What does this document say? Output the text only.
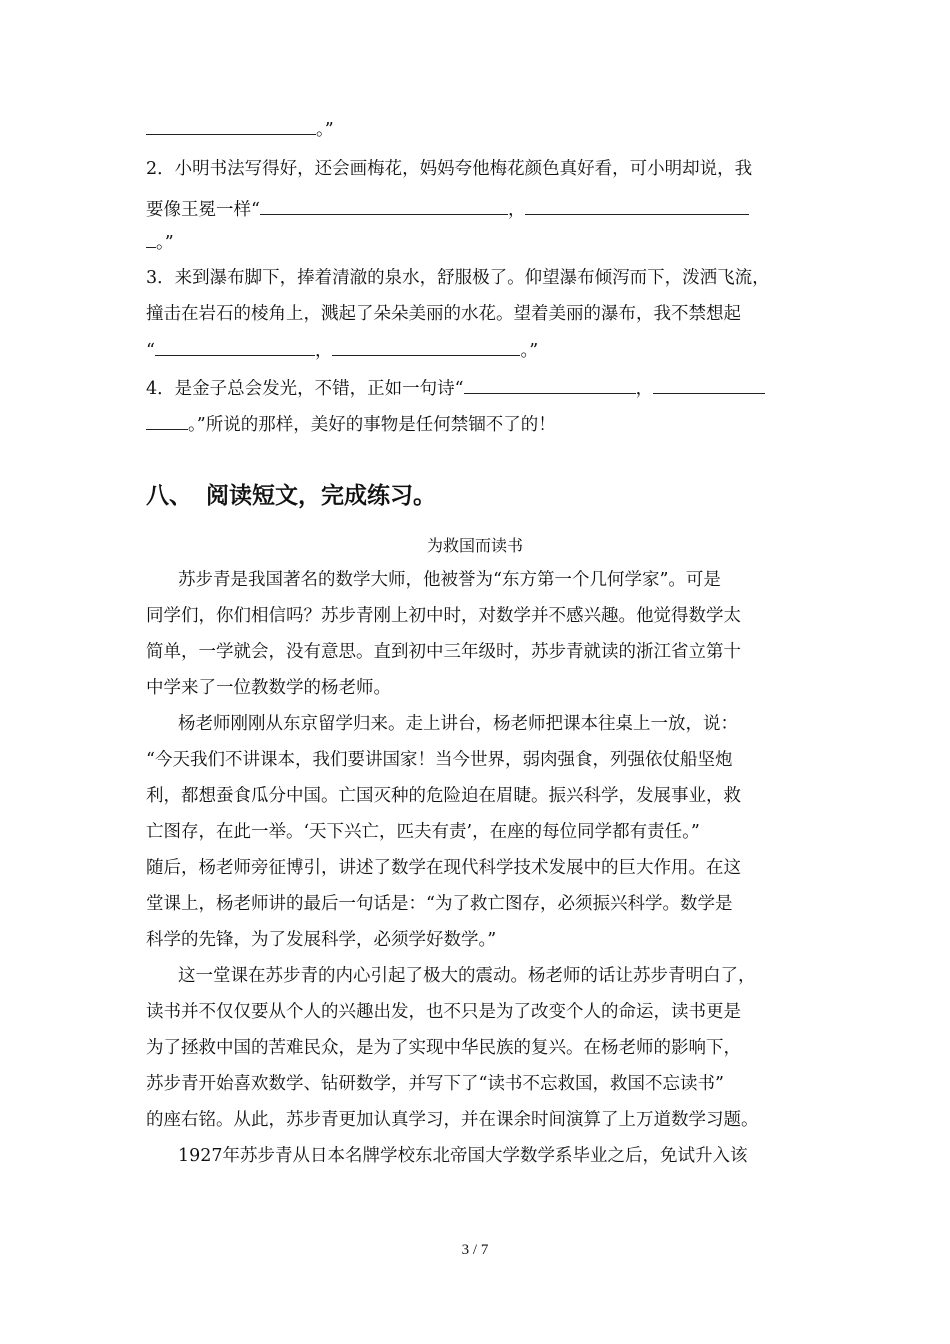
。”

2．小明书法写得好，还会画梅花，妈妈夸他梅花颜色真好看，可小明却说，我

要像王冕一样“	，

。”

3．来到瀑布脚下，捧着清澈的泉水，舒服极了。仰望瀑布倾泻而下，泼洒飞流，

撞击在岩石的棱角上，溅起了朵朵美丽的水花。望着美丽的瀑布，我不禁想起

“	，	。”

4．是金子总会发光，不错，正如一句诗“	，

。”所说的那样，美好的事物是任何禁锢不了的！

八、 阅读短文，完成练习。

为救国而读书

苏步青是我国著名的数学大师，他被誉为“东方第一个几何学家”。可是

同学们，你们相信吗？苏步青刚上初中时，对数学并不感兴趣。他觉得数学太

简单，一学就会，没有意思。直到初中三年级时，苏步青就读的浙江省立第十

中学来了一位教数学的杨老师。

杨老师刚刚从东京留学归来。走上讲台，杨老师把课本往桌上一放，说：

“今天我们不讲课本，我们要讲国家！当今世界，弱肉强食，列强依仗船坚炮

利，都想蚕食瓜分中国。亡国灭种的危险迫在眉睫。振兴科学，发展事业，救

亡图存，在此一举。‘天下兴亡，匹夫有责’，在座的每位同学都有责任。”

随后，杨老师旁征博引，讲述了数学在现代科学技术发展中的巨大作用。在这

堂课上，杨老师讲的最后一句话是：“为了救亡图存，必须振兴科学。数学是

科学的先锋，为了发展科学，必须学好数学。”

这一堂课在苏步青的内心引起了极大的震动。杨老师的话让苏步青明白了，

读书并不仅仅要从个人的兴趣出发，也不只是为了改变个人的命运，读书更是

为了拯救中国的苦难民众，是为了实现中华民族的复兴。在杨老师的影响下，

苏步青开始喜欢数学、钻研数学，并写下了“读书不忘救国，救国不忘读书”

的座右铭。从此，苏步青更加认真学习，并在课余时间演算了上万道数学习题。

1927年苏步青从日本名牌学校东北帝国大学数学系毕业之后，免试升入该

3 / 7
